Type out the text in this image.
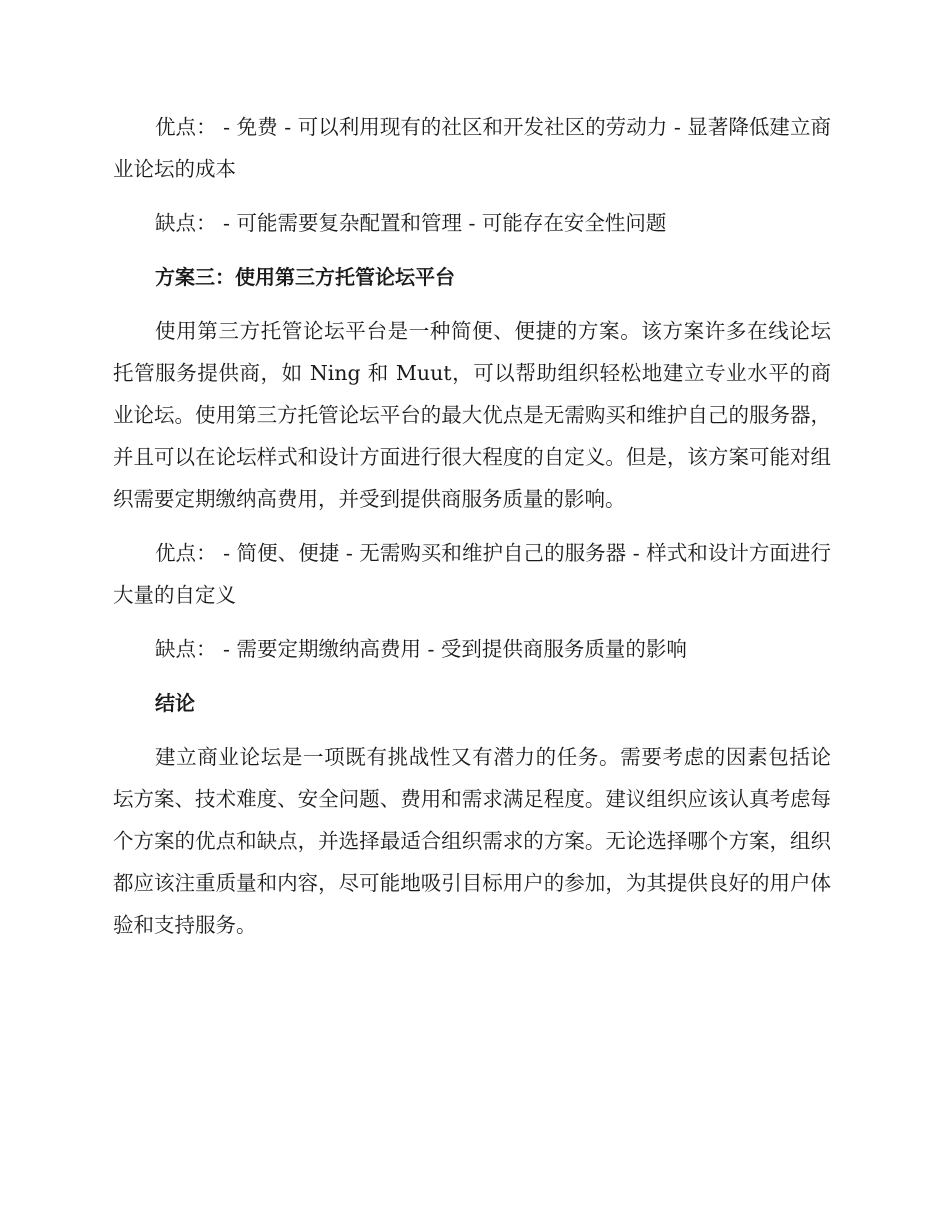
优点： - 免费 - 可以利用现有的社区和开发社区的劳动力 - 显著降低建立商业论坛的成本

缺点： - 可能需要复杂配置和管理 - 可能存在安全性问题

方案三：使用第三方托管论坛平台

使用第三方托管论坛平台是一种简便、便捷的方案。该方案许多在线论坛托管服务提供商，如 Ning 和 Muut，可以帮助组织轻松地建立专业水平的商业论坛。使用第三方托管论坛平台的最大优点是无需购买和维护自己的服务器，并且可以在论坛样式和设计方面进行很大程度的自定义。但是，该方案可能对组织需要定期缴纳高费用，并受到提供商服务质量的影响。

优点： - 简便、便捷 - 无需购买和维护自己的服务器 - 样式和设计方面进行大量的自定义

缺点： - 需要定期缴纳高费用 - 受到提供商服务质量的影响

结论

建立商业论坛是一项既有挑战性又有潜力的任务。需要考虑的因素包括论坛方案、技术难度、安全问题、费用和需求满足程度。建议组织应该认真考虑每个方案的优点和缺点，并选择最适合组织需求的方案。无论选择哪个方案，组织都应该注重质量和内容，尽可能地吸引目标用户的参加，为其提供良好的用户体验和支持服务。
